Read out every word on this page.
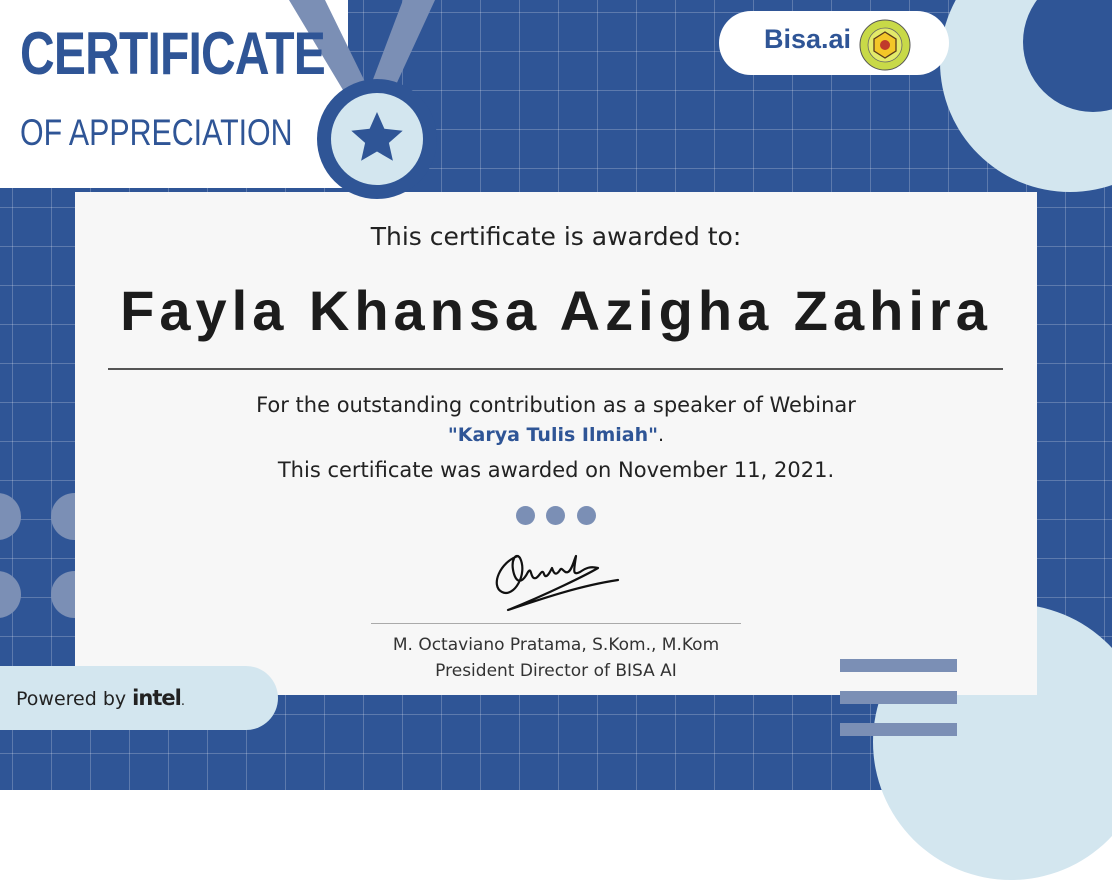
CERTIFICATE
OF APPRECIATION
Bisa.ai
This certificate is awarded to:
Fayla Khansa Azigha Zahira
For the outstanding contribution as a speaker of Webinar
"Karya Tulis Ilmiah".
This certificate was awarded on November 11, 2021.
M. Octaviano Pratama, S.Kom., M.Kom
President Director of BISA AI
Powered by intel.
